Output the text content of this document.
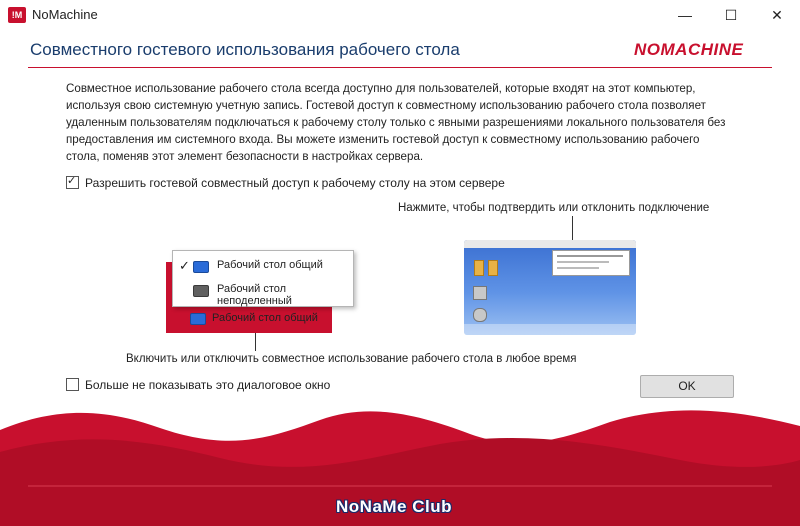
!M NoMachine	—	☐	✕
Совместного гостевого использования рабочего стола	NOMACHINE
Совместное использование рабочего стола всегда доступно для пользователей, которые входят на этот компьютер, используя свою системную учетную запись. Гостевой доступ к совместному использованию рабочего стола позволяет удаленным пользователям подключаться к рабочему столу только с явными разрешениями локального пользователя без предоставления им системного входа. Вы можете изменить гостевой доступ к совместному использованию рабочего стола, поменяв этот элемент безопасности в настройках сервера.
✓Разрешить гостевой совместный доступ к рабочему столу на этом сервере
Нажмите, чтобы подтвердить или отклонить подключение
Рабочий стол общий
✓ Рабочий стол общий
Рабочий стол неподеленный
Включить или отключить совместное использование рабочего стола в любое время
Больше не показывать это диалоговое окно	OK
NoNaMe Club
